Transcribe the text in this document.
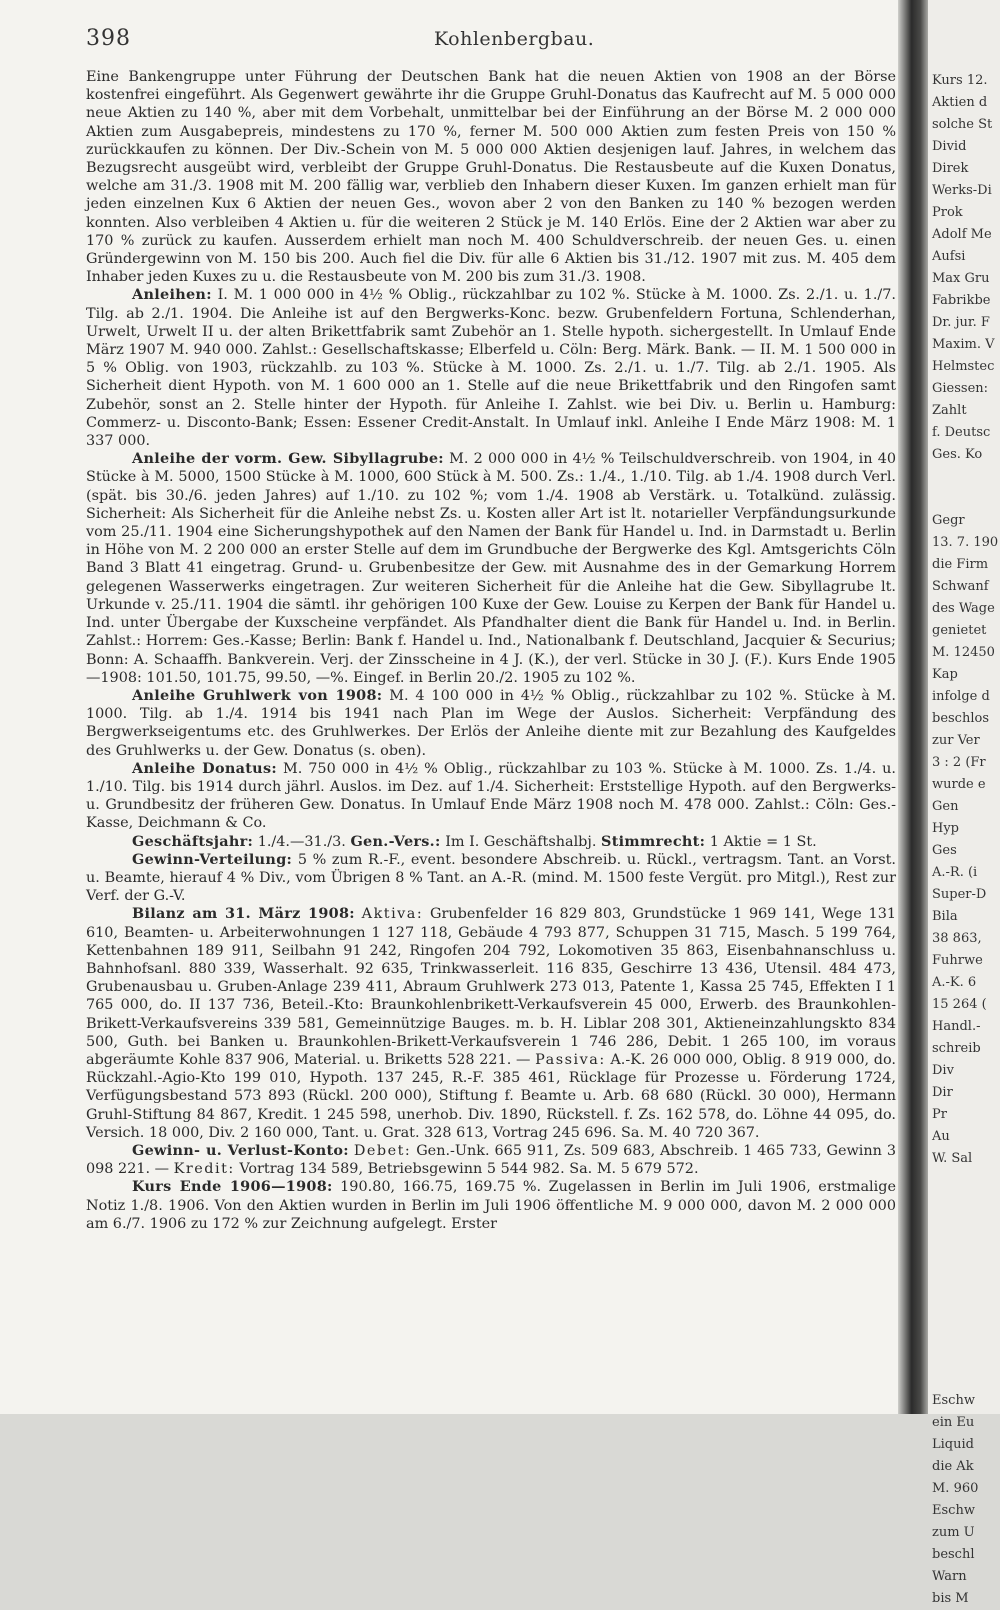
398	Kohlenbergbau.

Eine Bankengruppe unter Führung der Deutschen Bank hat die neuen Aktien von 1908 an der Börse kostenfrei eingeführt. Als Gegenwert gewährte ihr die Gruppe Gruhl-Donatus das Kaufrecht auf M. 5 000 000 neue Aktien zu 140 %, aber mit dem Vorbehalt, unmittelbar bei der Einführung an der Börse M. 2 000 000 Aktien zum Ausgabepreis, mindestens zu 170 %, ferner M. 500 000 Aktien zum festen Preis von 150 % zurückkaufen zu können. Der Div.-Schein von M. 5 000 000 Aktien desjenigen lauf. Jahres, in welchem das Bezugsrecht ausgeübt wird, verbleibt der Gruppe Gruhl-Donatus. Die Restausbeute auf die Kuxen Donatus, welche am 31./3. 1908 mit M. 200 fällig war, verblieb den Inhabern dieser Kuxen. Im ganzen erhielt man für jeden einzelnen Kux 6 Aktien der neuen Ges., wovon aber 2 von den Banken zu 140 % bezogen werden konnten. Also verbleiben 4 Aktien u. für die weiteren 2 Stück je M. 140 Erlös. Eine der 2 Aktien war aber zu 170 % zurück zu kaufen. Ausserdem erhielt man noch M. 400 Schuldverschreib. der neuen Ges. u. einen Gründergewinn von M. 150 bis 200. Auch fiel die Div. für alle 6 Aktien bis 31./12. 1907 mit zus. M. 405 dem Inhaber jeden Kuxes zu u. die Restausbeute von M. 200 bis zum 31./3. 1908.

Anleihen: I. M. 1 000 000 in 4½ % Oblig., rückzahlbar zu 102 %. Stücke à M. 1000. Zs. 2./1. u. 1./7. Tilg. ab 2./1. 1904. Die Anleihe ist auf den Bergwerks-Konc. bezw. Grubenfeldern Fortuna, Schlenderhan, Urwelt, Urwelt II u. der alten Brikettfabrik samt Zubehör an 1. Stelle hypoth. sichergestellt. In Umlauf Ende März 1907 M. 940 000. Zahlst.: Gesellschaftskasse; Elberfeld u. Cöln: Berg. Märk. Bank. — II. M. 1 500 000 in 5 % Oblig. von 1903, rückzahlb. zu 103 %. Stücke à M. 1000. Zs. 2./1. u. 1./7. Tilg. ab 2./1. 1905. Als Sicherheit dient Hypoth. von M. 1 600 000 an 1. Stelle auf die neue Brikettfabrik und den Ringofen samt Zubehör, sonst an 2. Stelle hinter der Hypoth. für Anleihe I. Zahlst. wie bei Div. u. Berlin u. Hamburg: Commerz- u. Disconto-Bank; Essen: Essener Credit-Anstalt. In Umlauf inkl. Anleihe I Ende März 1908: M. 1 337 000.

Anleihe der vorm. Gew. Sibyllagrube: M. 2 000 000 in 4½ % Teilschuldverschreib. von 1904, in 40 Stücke à M. 5000, 1500 Stücke à M. 1000, 600 Stück à M. 500. Zs.: 1./4., 1./10. Tilg. ab 1./4. 1908 durch Verl. (spät. bis 30./6. jeden Jahres) auf 1./10. zu 102 %; vom 1./4. 1908 ab Verstärk. u. Totalkünd. zulässig. Sicherheit: Als Sicherheit für die Anleihe nebst Zs. u. Kosten aller Art ist lt. notarieller Verpfändungsurkunde vom 25./11. 1904 eine Sicherungshypothek auf den Namen der Bank für Handel u. Ind. in Darmstadt u. Berlin in Höhe von M. 2 200 000 an erster Stelle auf dem im Grundbuche der Bergwerke des Kgl. Amtsgerichts Cöln Band 3 Blatt 41 eingetrag. Grund- u. Grubenbesitze der Gew. mit Ausnahme des in der Gemarkung Horrem gelegenen Wasserwerks eingetragen. Zur weiteren Sicherheit für die Anleihe hat die Gew. Sibyllagrube lt. Urkunde v. 25./11. 1904 die sämtl. ihr gehörigen 100 Kuxe der Gew. Louise zu Kerpen der Bank für Handel u. Ind. unter Übergabe der Kuxscheine verpfändet. Als Pfandhalter dient die Bank für Handel u. Ind. in Berlin. Zahlst.: Horrem: Ges.-Kasse; Berlin: Bank f. Handel u. Ind., Nationalbank f. Deutschland, Jacquier & Securius; Bonn: A. Schaaffh. Bankverein. Verj. der Zinsscheine in 4 J. (K.), der verl. Stücke in 30 J. (F.). Kurs Ende 1905—1908: 101.50, 101.75, 99.50, —%. Eingef. in Berlin 20./2. 1905 zu 102 %.

Anleihe Gruhlwerk von 1908: M. 4 100 000 in 4½ % Oblig., rückzahlbar zu 102 %. Stücke à M. 1000. Tilg. ab 1./4. 1914 bis 1941 nach Plan im Wege der Auslos. Sicherheit: Verpfändung des Bergwerkseigentums etc. des Gruhlwerkes. Der Erlös der Anleihe diente mit zur Bezahlung des Kaufgeldes des Gruhlwerks u. der Gew. Donatus (s. oben).

Anleihe Donatus: M. 750 000 in 4½ % Oblig., rückzahlbar zu 103 %. Stücke à M. 1000. Zs. 1./4. u. 1./10. Tilg. bis 1914 durch jährl. Auslos. im Dez. auf 1./4. Sicherheit: Erststellige Hypoth. auf den Bergwerks- u. Grundbesitz der früheren Gew. Donatus. In Umlauf Ende März 1908 noch M. 478 000. Zahlst.: Cöln: Ges.-Kasse, Deichmann & Co.

Geschäftsjahr: 1./4.—31./3. Gen.-Vers.: Im I. Geschäftshalbj. Stimmrecht: 1 Aktie = 1 St.

Gewinn-Verteilung: 5 % zum R.-F., event. besondere Abschreib. u. Rückl., vertragsm. Tant. an Vorst. u. Beamte, hierauf 4 % Div., vom Übrigen 8 % Tant. an A.-R. (mind. M. 1500 feste Vergüt. pro Mitgl.), Rest zur Verf. der G.-V.

Bilanz am 31. März 1908: Aktiva: Grubenfelder 16 829 803, Grundstücke 1 969 141, Wege 131 610, Beamten- u. Arbeiterwohnungen 1 127 118, Gebäude 4 793 877, Schuppen 31 715, Masch. 5 199 764, Kettenbahnen 189 911, Seilbahn 91 242, Ringofen 204 792, Lokomotiven 35 863, Eisenbahnanschluss u. Bahnhofsanl. 880 339, Wasserhalt. 92 635, Trinkwasserleit. 116 835, Geschirre 13 436, Utensil. 484 473, Grubenausbau u. Gruben-Anlage 239 411, Abraum Gruhlwerk 273 013, Patente 1, Kassa 25 745, Effekten I 1 765 000, do. II 137 736, Beteil.-Kto: Braunkohlenbrikett-Verkaufsverein 45 000, Erwerb. des Braunkohlen-Brikett-Verkaufsvereins 339 581, Gemeinnützige Bauges. m. b. H. Liblar 208 301, Aktieneinzahlungskto 834 500, Guth. bei Banken u. Braunkohlen-Brikett-Verkaufsverein 1 746 286, Debit. 1 265 100, im voraus abgeräumte Kohle 837 906, Material. u. Briketts 528 221. — Passiva: A.-K. 26 000 000, Oblig. 8 919 000, do. Rückzahl.-Agio-Kto 199 010, Hypoth. 137 245, R.-F. 385 461, Rücklage für Prozesse u. Förderung 1724, Verfügungsbestand 573 893 (Rückl. 200 000), Stiftung f. Beamte u. Arb. 68 680 (Rückl. 30 000), Hermann Gruhl-Stiftung 84 867, Kredit. 1 245 598, unerhob. Div. 1890, Rückstell. f. Zs. 162 578, do. Löhne 44 095, do. Versich. 18 000, Div. 2 160 000, Tant. u. Grat. 328 613, Vortrag 245 696. Sa. M. 40 720 367.

Gewinn- u. Verlust-Konto: Debet: Gen.-Unk. 665 911, Zs. 509 683, Abschreib. 1 465 733, Gewinn 3 098 221. — Kredit: Vortrag 134 589, Betriebsgewinn 5 544 982. Sa. M. 5 679 572.

Kurs Ende 1906—1908: 190.80, 166.75, 169.75 %. Zugelassen in Berlin im Juli 1906, erstmalige Notiz 1./8. 1906. Von den Aktien wurden in Berlin im Juli 1906 öffentliche M. 9 000 000, davon M. 2 000 000 am 6./7. 1906 zu 172 % zur Zeichnung aufgelegt. Erster

Kurs 12.
Aktien d
solche St
Divid
Direk
Werks-Di
Prok
Adolf Me
Aufsi
Max Gru
Fabrikbe
Dr. jur. F
Maxim. V
Helmstec
Giessen:
Zahlt
f. Deutsc
Ges. Ko

Gegr
13. 7. 190
die Firm
Schwanf
des Wage
genietet
M. 12450
Kap
infolge d
beschlos
zur Ver
3 : 2 (Fr
wurde e
Gen
Hyp
Ges
A.-R. (i
Super-D
Bila
38 863,
Fuhrwe
A.-K. 6
15 264 (
Handl.-
schreib
Div
Dir
Pr
Au
W. Sal

Eschw
ein Eu
Liquid
die Ak
M. 960
Eschw
zum U
beschl
Warn
bis M
